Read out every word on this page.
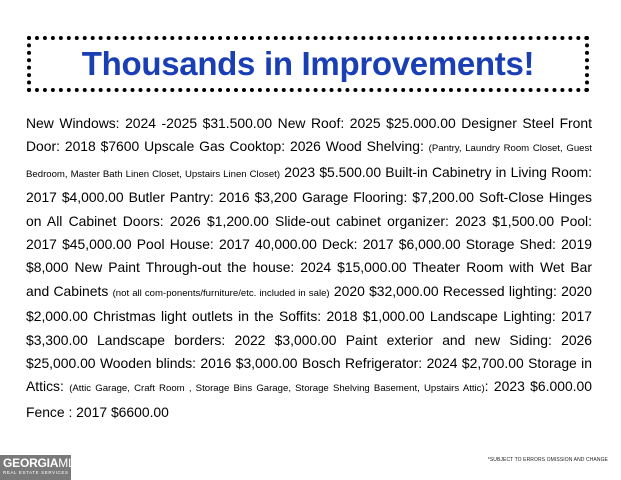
Thousands in Improvements!
New Windows: 2024 -2025 $31.500.00 New Roof: 2025 $25.000.00 Designer Steel Front Door: 2018 $7600 Upscale Gas Cooktop: 2026 Wood Shelving: (Pantry, Laundry Room Closet, Guest Bedroom, Master Bath Linen Closet, Upstairs Linen Closet) 2023 $5.500.00 Built-in Cabinetry in Living Room: 2017 $4,000.00 Butler Pantry: 2016 $3,200 Garage Flooring: $7,200.00 Soft-Close Hinges on All Cabinet Doors: 2026 $1,200.00 Slide-out cabinet organizer: 2023 $1,500.00 Pool: 2017 $45,000.00 Pool House: 2017 40,000.00 Deck: 2017 $6,000.00 Storage Shed: 2019 $8,000 New Paint Through-out the house: 2024 $15,000.00 Theater Room with Wet Bar and Cabinets (not all com-ponents/furniture/etc. included in sale) 2020 $32,000.00 Recessed lighting: 2020 $2,000.00 Christmas light outlets in the Soffits: 2018 $1,000.00 Landscape Lighting: 2017 $3,300.00 Landscape borders: 2022 $3,000.00 Paint exterior and new Siding: 2026 $25,000.00 Wooden blinds: 2016 $3,000.00 Bosch Refrigerator: 2024 $2,700.00 Storage in Attics: (Attic Garage, Craft Room , Storage Bins Garage, Storage Shelving Basement, Upstairs Attic): 2023 $6.000.00 Fence : 2017 $6600.00
*SUBJECT TO ERRORS OMISSION AND CHANGE
GEORGIAMLS
REAL ESTATE SERVICES
